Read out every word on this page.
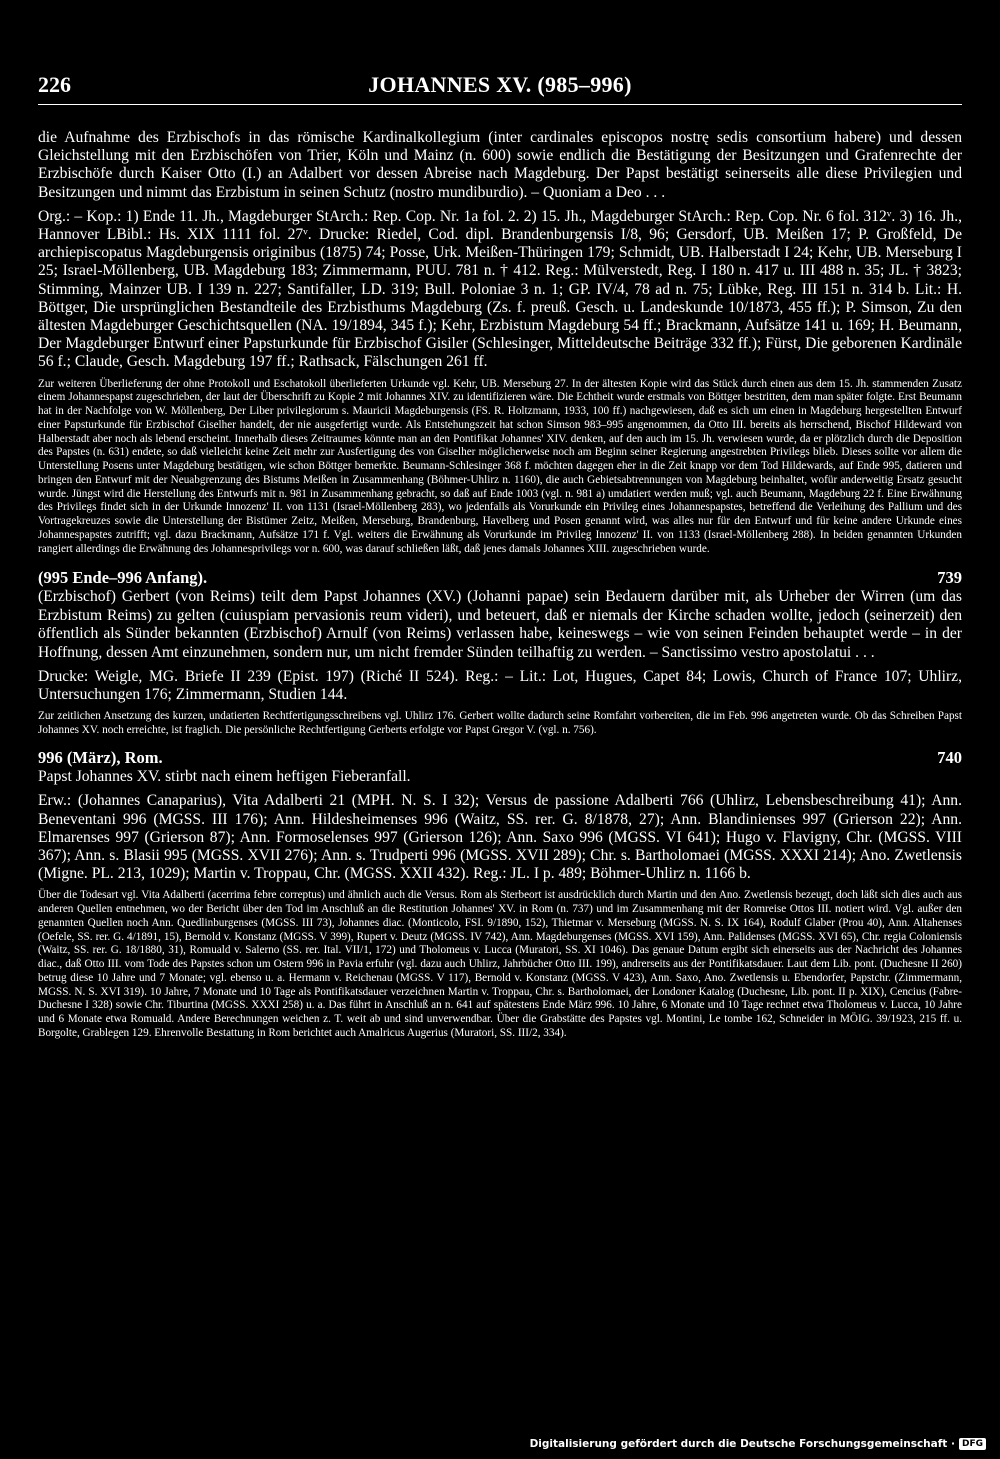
226	JOHANNES XV. (985–996)

die Aufnahme des Erzbischofs in das römische Kardinalkollegium (inter cardinales episcopos nostrę sedis consortium habere) und dessen Gleichstellung mit den Erzbischöfen von Trier, Köln und Mainz (n. 600) sowie endlich die Bestätigung der Besitzungen und Grafenrechte der Erzbischöfe durch Kaiser Otto (I.) an Adalbert vor dessen Abreise nach Magdeburg. Der Papst bestätigt seinerseits alle diese Privilegien und Besitzungen und nimmt das Erzbistum in seinen Schutz (nostro mundiburdio). – Quoniam a Deo . . .

Org.: – Kop.: 1) Ende 11. Jh., Magdeburger StArch.: Rep. Cop. Nr. 1a fol. 2. 2) 15. Jh., Magdeburger StArch.: Rep. Cop. Nr. 6 fol. 312ᵛ. 3) 16. Jh., Hannover LBibl.: Hs. XIX 1111 fol. 27ᵛ. Drucke: Riedel, Cod. dipl. Brandenburgensis I/8, 96; Gersdorf, UB. Meißen 17; P. Großfeld, De archiepiscopatus Magdeburgensis originibus (1875) 74; Posse, Urk. Meißen-Thüringen 179; Schmidt, UB. Halberstadt I 24; Kehr, UB. Merseburg I 25; Israel-Möllenberg, UB. Magdeburg 183; Zimmermann, PUU. 781 n. † 412. Reg.: Mülverstedt, Reg. I 180 n. 417 u. III 488 n. 35; JL. † 3823; Stimming, Mainzer UB. I 139 n. 227; Santifaller, LD. 319; Bull. Poloniae 3 n. 1; GP. IV/4, 78 ad n. 75; Lübke, Reg. III 151 n. 314 b. Lit.: H. Böttger, Die ursprünglichen Bestandteile des Erzbisthums Magdeburg (Zs. f. preuß. Gesch. u. Landeskunde 10/1873, 455 ff.); P. Simson, Zu den ältesten Magdeburger Geschichtsquellen (NA. 19/1894, 345 f.); Kehr, Erzbistum Magdeburg 54 ff.; Brackmann, Aufsätze 141 u. 169; H. Beumann, Der Magdeburger Entwurf einer Papsturkunde für Erzbischof Gisiler (Schlesinger, Mitteldeutsche Beiträge 332 ff.); Fürst, Die geborenen Kardinäle 56 f.; Claude, Gesch. Magdeburg 197 ff.; Rathsack, Fälschungen 261 ff.

Zur weiteren Überlieferung der ohne Protokoll und Eschatokoll überlieferten Urkunde vgl. Kehr, UB. Merseburg 27. In der ältesten Kopie wird das Stück durch einen aus dem 15. Jh. stammenden Zusatz einem Johannespapst zugeschrieben, der laut der Überschrift zu Kopie 2 mit Johannes XIV. zu identifizieren wäre. Die Echtheit wurde erstmals von Böttger bestritten, dem man später folgte. Erst Beumann hat in der Nachfolge von W. Möllenberg, Der Liber privilegiorum s. Mauricii Magdeburgensis (FS. R. Holtzmann, 1933, 100 ff.) nachgewiesen, daß es sich um einen in Magdeburg hergestellten Entwurf einer Papsturkunde für Erzbischof Giselher handelt, der nie ausgefertigt wurde. Als Entstehungszeit hat schon Simson 983–995 angenommen, da Otto III. bereits als herrschend, Bischof Hildeward von Halberstadt aber noch als lebend erscheint. Innerhalb dieses Zeitraumes könnte man an den Pontifikat Johannes' XIV. denken, auf den auch im 15. Jh. verwiesen wurde, da er plötzlich durch die Deposition des Papstes (n. 631) endete, so daß vielleicht keine Zeit mehr zur Ausfertigung des von Giselher möglicherweise noch am Beginn seiner Regierung angestrebten Privilegs blieb. Dieses sollte vor allem die Unterstellung Posens unter Magdeburg bestätigen, wie schon Böttger bemerkte. Beumann-Schlesinger 368 f. möchten dagegen eher in die Zeit knapp vor dem Tod Hildewards, auf Ende 995, datieren und bringen den Entwurf mit der Neuabgrenzung des Bistums Meißen in Zusammenhang (Böhmer-Uhlirz n. 1160), die auch Gebietsabtrennungen von Magdeburg beinhaltet, wofür anderweitig Ersatz gesucht wurde. Jüngst wird die Herstellung des Entwurfs mit n. 981 in Zusammenhang gebracht, so daß auf Ende 1003 (vgl. n. 981 a) umdatiert werden muß; vgl. auch Beumann, Magdeburg 22 f. Eine Erwähnung des Privilegs findet sich in der Urkunde Innozenz' II. von 1131 (Israel-Möllenberg 283), wo jedenfalls als Vorurkunde ein Privileg eines Johannespapstes, betreffend die Verleihung des Pallium und des Vortragekreuzes sowie die Unterstellung der Bistümer Zeitz, Meißen, Merseburg, Brandenburg, Havelberg und Posen genannt wird, was alles nur für den Entwurf und für keine andere Urkunde eines Johannespapstes zutrifft; vgl. dazu Brackmann, Aufsätze 171 f. Vgl. weiters die Erwähnung als Vorurkunde im Privileg Innozenz' II. von 1133 (Israel-Möllenberg 288). In beiden genannten Urkunden rangiert allerdings die Erwähnung des Johannesprivilegs vor n. 600, was darauf schließen läßt, daß jenes damals Johannes XIII. zugeschrieben wurde.

(995 Ende–996 Anfang).	739

(Erzbischof) Gerbert (von Reims) teilt dem Papst Johannes (XV.) (Johanni papae) sein Bedauern darüber mit, als Urheber der Wirren (um das Erzbistum Reims) zu gelten (cuiuspiam pervasionis reum videri), und beteuert, daß er niemals der Kirche schaden wollte, jedoch (seinerzeit) den öffentlich als Sünder bekannten (Erzbischof) Arnulf (von Reims) verlassen habe, keineswegs – wie von seinen Feinden behauptet werde – in der Hoffnung, dessen Amt einzunehmen, sondern nur, um nicht fremder Sünden teilhaftig zu werden. – Sanctissimo vestro apostolatui . . .

Drucke: Weigle, MG. Briefe II 239 (Epist. 197) (Riché II 524). Reg.: – Lit.: Lot, Hugues, Capet 84; Lowis, Church of France 107; Uhlirz, Untersuchungen 176; Zimmermann, Studien 144.

Zur zeitlichen Ansetzung des kurzen, undatierten Rechtfertigungsschreibens vgl. Uhlirz 176. Gerbert wollte dadurch seine Romfahrt vorbereiten, die im Feb. 996 angetreten wurde. Ob das Schreiben Papst Johannes XV. noch erreichte, ist fraglich. Die persönliche Rechtfertigung Gerberts erfolgte vor Papst Gregor V. (vgl. n. 756).

996 (März), Rom.	740

Papst Johannes XV. stirbt nach einem heftigen Fieberanfall.

Erw.: (Johannes Canaparius), Vita Adalberti 21 (MPH. N. S. I 32); Versus de passione Adalberti 766 (Uhlirz, Lebensbeschreibung 41); Ann. Beneventani 996 (MGSS. III 176); Ann. Hildesheimenses 996 (Waitz, SS. rer. G. 8/1878, 27); Ann. Blandinienses 997 (Grierson 22); Ann. Elmarenses 997 (Grierson 87); Ann. Formoselenses 997 (Grierson 126); Ann. Saxo 996 (MGSS. VI 641); Hugo v. Flavigny, Chr. (MGSS. VIII 367); Ann. s. Blasii 995 (MGSS. XVII 276); Ann. s. Trudperti 996 (MGSS. XVII 289); Chr. s. Bartholomaei (MGSS. XXXI 214); Ano. Zwetlensis (Migne. PL. 213, 1029); Martin v. Troppau, Chr. (MGSS. XXII 432). Reg.: JL. I p. 489; Böhmer-Uhlirz n. 1166 b.

Über die Todesart vgl. Vita Adalberti (acerrima febre correptus) und ähnlich auch die Versus. Rom als Sterbeort ist ausdrücklich durch Martin und den Ano. Zwetlensis bezeugt, doch läßt sich dies auch aus anderen Quellen entnehmen, wo der Bericht über den Tod im Anschluß an die Restitution Johannes' XV. in Rom (n. 737) und im Zusammenhang mit der Romreise Ottos III. notiert wird. Vgl. außer den genannten Quellen noch Ann. Quedlinburgenses (MGSS. III 73), Johannes diac. (Monticolo, FSI. 9/1890, 152), Thietmar v. Merseburg (MGSS. N. S. IX 164), Rodulf Glaber (Prou 40), Ann. Altahenses (Oefele, SS. rer. G. 4/1891, 15), Bernold v. Konstanz (MGSS. V 399), Rupert v. Deutz (MGSS. IV 742), Ann. Magdeburgenses (MGSS. XVI 159), Ann. Palidenses (MGSS. XVI 65), Chr. regia Coloniensis (Waitz, SS. rer. G. 18/1880, 31), Romuald v. Salerno (SS. rer. Ital. VII/1, 172) und Tholomeus v. Lucca (Muratori, SS. XI 1046). Das genaue Datum ergibt sich einerseits aus der Nachricht des Johannes diac., daß Otto III. vom Tode des Papstes schon um Ostern 996 in Pavia erfuhr (vgl. dazu auch Uhlirz, Jahrbücher Otto III. 199), andrerseits aus der Pontifikatsdauer. Laut dem Lib. pont. (Duchesne II 260) betrug diese 10 Jahre und 7 Monate; vgl. ebenso u. a. Hermann v. Reichenau (MGSS. V 117), Bernold v. Konstanz (MGSS. V 423), Ann. Saxo, Ano. Zwetlensis u. Ebendorfer, Papstchr. (Zimmermann, MGSS. N. S. XVI 319). 10 Jahre, 7 Monate und 10 Tage als Pontifikatsdauer verzeichnen Martin v. Troppau, Chr. s. Bartholomaei, der Londoner Katalog (Duchesne, Lib. pont. II p. XIX), Cencius (Fabre-Duchesne I 328) sowie Chr. Tiburtina (MGSS. XXXI 258) u. a. Das führt in Anschluß an n. 641 auf spätestens Ende März 996. 10 Jahre, 6 Monate und 10 Tage rechnet etwa Tholomeus v. Lucca, 10 Jahre und 6 Monate etwa Romuald. Andere Berechnungen weichen z. T. weit ab und sind unverwendbar. Über die Grabstätte des Papstes vgl. Montini, Le tombe 162, Schneider in MÖIG. 39/1923, 215 ff. u. Borgolte, Grablegen 129. Ehrenvolle Bestattung in Rom berichtet auch Amalricus Augerius (Muratori, SS. III/2, 334).

Digitalisierung gefördert durch die Deutsche Forschungsgemeinschaft · DFG
